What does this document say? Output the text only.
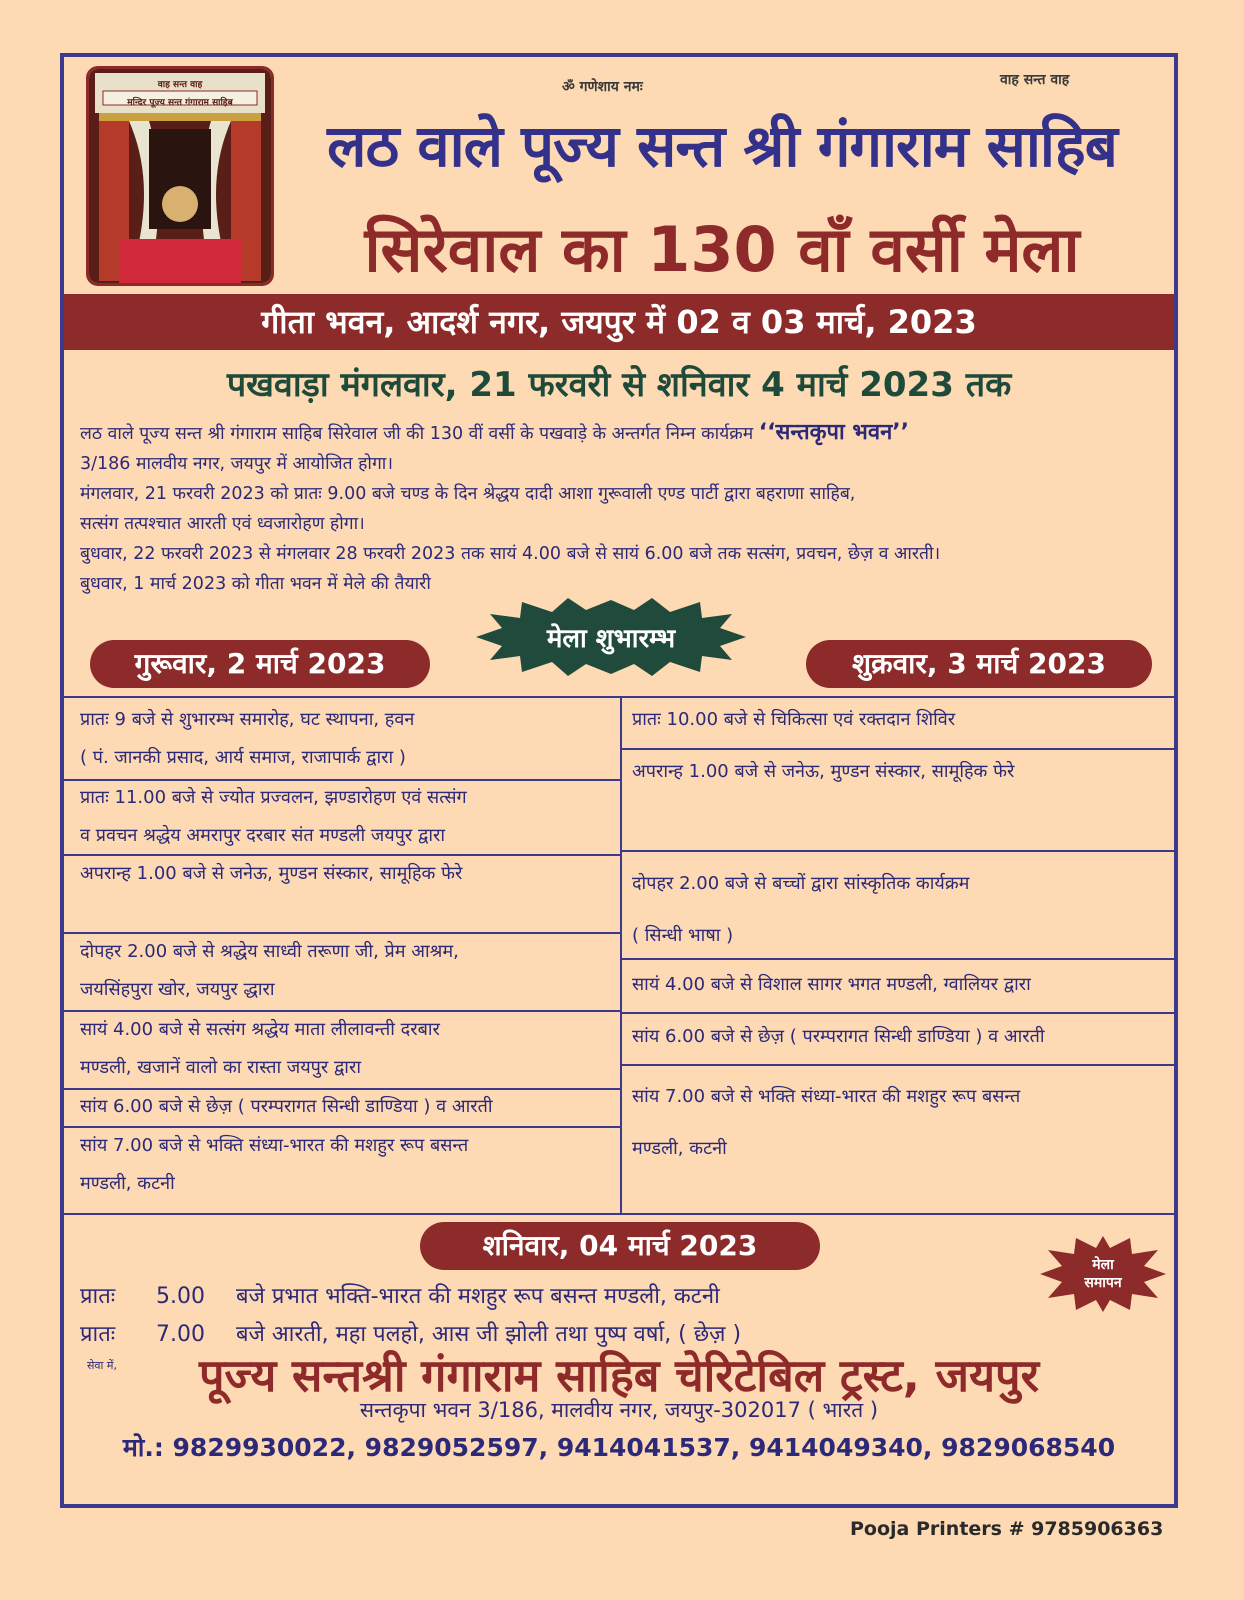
वाह सन्त वाह
मन्दिर पूज्य सन्त गंगाराम साहिब
ॐ गणेशाय नमः	वाह सन्त वाह
लठ वाले पूज्य सन्त श्री गंगाराम साहिब
सिरेवाल का 130 वाँ वर्सी मेला
गीता भवन, आदर्श नगर, जयपुर में 02 व 03 मार्च, 2023
पखवाड़ा मंगलवार, 21 फरवरी से शनिवार 4 मार्च 2023 तक

लठ वाले पूज्य सन्त श्री गंगाराम साहिब सिरेवाल जी की 130 वीं वर्सी के पखवाड़े के अन्तर्गत निम्न कार्यक्रम ‘‘सन्तकृपा भवन’’

3/186 मालवीय नगर, जयपुर में आयोजित होगा।

मंगलवार, 21 फरवरी 2023 को प्रातः 9.00 बजे चण्ड के दिन श्रेद्धय दादी आशा गुरूवाली एण्ड पार्टी द्वारा बहराणा साहिब,

सत्संग तत्पश्चात आरती एवं ध्वजारोहण होगा।

बुधवार, 22 फरवरी 2023 से मंगलवार 28 फरवरी 2023 तक सायं 4.00 बजे से सायं 6.00 बजे तक सत्संग, प्रवचन, छेज़ व आरती।

बुधवार, 1 मार्च 2023 को गीता भवन में मेले की तैयारी

मेला शुभारम्भ
गुरूवार, 2 मार्च 2023	शुक्रवार, 3 मार्च 2023
प्रातः 9 बजे से शुभारम्भ समारोह, घट स्थापना, हवन
( पं. जानकी प्रसाद, आर्य समाज, राजापार्क द्वारा )
प्रातः 11.00 बजे से ज्योत प्रज्वलन, झण्डारोहण एवं सत्संग
व प्रवचन श्रद्धेय अमरापुर दरबार संत मण्डली जयपुर द्वारा
अपरान्ह 1.00 बजे से जनेऊ, मुण्डन संस्कार, सामूहिक फेरे
दोपहर 2.00 बजे से श्रद्धेय साध्वी तरूणा जी, प्रेम आश्रम,
जयसिंहपुरा खोर, जयपुर द्धारा
सायं 4.00 बजे से सत्संग श्रद्धेय माता लीलावन्ती दरबार
मण्डली, खजानें वालो का रास्ता जयपुर द्वारा
सांय 6.00 बजे से छेज़ ( परम्परागत सिन्धी डाण्डिया ) व आरती
सांय 7.00 बजे से भक्ति संध्या-भारत की मशहुर रूप बसन्त
मण्डली, कटनी
प्रातः 10.00 बजे से चिकित्सा एवं रक्तदान शिविर
अपरान्ह 1.00 बजे से जनेऊ, मुण्डन संस्कार, सामूहिक फेरे
दोपहर 2.00 बजे से बच्चों द्वारा सांस्कृतिक कार्यक्रम
( सिन्धी भाषा )
सायं 4.00 बजे से विशाल सागर भगत मण्डली, ग्वालियर द्वारा
सांय 6.00 बजे से छेज़ ( परम्परागत सिन्धी डाण्डिया ) व आरती
सांय 7.00 बजे से भक्ति संध्या-भारत की मशहुर रूप बसन्त
मण्डली, कटनी
शनिवार, 04 मार्च 2023
मेला
समापन
प्रातः 5.00 बजे प्रभात भक्ति-भारत की मशहुर रूप बसन्त मण्डली, कटनी
प्रातः 7.00 बजे आरती, महा पलहो, आस जी झोली तथा पुष्प वर्षा, ( छेज़ )
सेवा में,	पूज्य सन्तश्री गंगाराम साहिब चेरिटेबिल ट्रस्ट, जयपुर
सन्तकृपा भवन 3/186, मालवीय नगर, जयपुर-302017 ( भारत )
मो.: 9829930022, 9829052597, 9414041537, 9414049340, 9829068540
Pooja Printers # 9785906363
